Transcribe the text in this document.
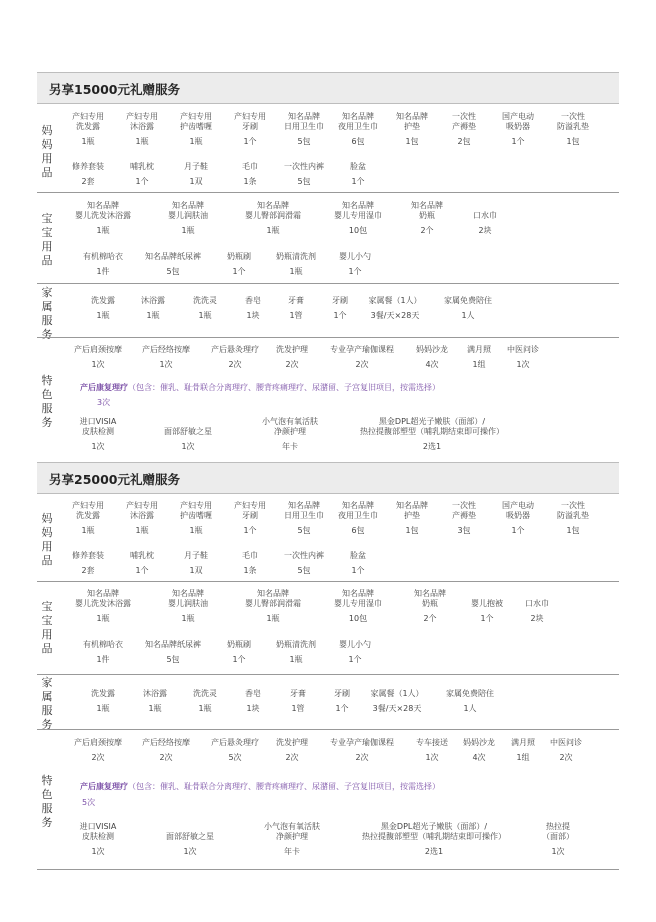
另享15000元礼赠服务
妈
妈
用
品
宝
宝
用
品
家
属
服
务
特
色
服
务
产后康复理疗（包含：催乳、耻骨联合分离理疗、腰背疼痛理疗、尿潴留、子宫复旧项目，按需选择）
3次
另享25000元礼赠服务
妈
妈
用
品
宝
宝
用
品
家
属
服
务
特
色
服
务
产后康复理疗（包含：催乳、耻骨联合分离理疗、腰背疼痛理疗、尿潴留、子宫复旧项目，按需选择）
5次
产妇专用
洗发露
1瓶
产妇专用
沐浴露
1瓶
产妇专用
护齿嗜喱
1瓶
产妇专用
牙刷
1个
知名品牌
日用卫生巾
5包
知名品牌
夜用卫生巾
6包
知名品牌
护垫
1包
一次性
产褥垫
2包
国产电动
吸奶器
1个
一次性
防溢乳垫
1包
修养套装
2套
哺乳枕
1个
月子鞋
1双
毛巾
1条
一次性内裤
5包
脸盆
1个
知名品牌
婴儿洗发沐浴露
1瓶
知名品牌
婴儿润肤油
1瓶
知名品牌
婴儿臀部润滑霜
1瓶
知名品牌
婴儿专用湿巾
10包
知名品牌
奶瓶
2个

口水巾
2块
有机棉哈衣
1件
知名品牌纸尿裤
5包
奶瓶刷
1个
奶瓶清洗剂
1瓶
婴儿小勺
1个
洗发露
1瓶
沐浴露
1瓶
洗洗灵
1瓶
香皂
1块
牙膏
1管
牙刷
1个
家属餐（1人）
3餐/天×28天
家属免费陪住
1人
产后肩颈按摩
1次
产后经络按摩
1次
产后悬灸理疗
2次
洗发护理
2次
专业孕产瑜伽课程
2次
妈妈沙龙
4次
满月照
1组
中医问诊
1次
进口VISIA
皮肤检测
1次

面部舒敏之星
1次
小气泡有氧活肤
净颜护理
年卡
黑金DPL超光子嫩肤（面部）/
热拉提馥部塑型（哺乳期结束即可操作）
2选1
产妇专用
洗发露
1瓶
产妇专用
沐浴露
1瓶
产妇专用
护齿嗜喱
1瓶
产妇专用
牙刷
1个
知名品牌
日用卫生巾
5包
知名品牌
夜用卫生巾
6包
知名品牌
护垫
1包
一次性
产褥垫
3包
国产电动
吸奶器
1个
一次性
防溢乳垫
1包
修养套装
2套
哺乳枕
1个
月子鞋
1双
毛巾
1条
一次性内裤
5包
脸盆
1个
知名品牌
婴儿洗发沐浴露
1瓶
知名品牌
婴儿润肤油
1瓶
知名品牌
婴儿臀部润滑霜
1瓶
知名品牌
婴儿专用湿巾
10包
知名品牌
奶瓶
2个

婴儿抱被
1个

口水巾
2块
有机棉哈衣
1件
知名品牌纸尿裤
5包
奶瓶刷
1个
奶瓶清洗剂
1瓶
婴儿小勺
1个
洗发露
1瓶
沐浴露
1瓶
洗洗灵
1瓶
香皂
1块
牙膏
1管
牙刷
1个
家属餐（1人）
3餐/天×28天
家属免费陪住
1人
产后肩颈按摩
2次
产后经络按摩
2次
产后悬灸理疗
5次
洗发护理
2次
专业孕产瑜伽课程
2次
专车接送
1次
妈妈沙龙
4次
满月照
1组
中医问诊
2次
进口VISIA
皮肤检测
1次

面部舒敏之星
1次
小气泡有氧活肤
净颜护理
年卡
黑金DPL超光子嫩肤（面部）/
热拉提馥部塑型（哺乳期结束即可操作）
2选1
热拉提
（面部）
1次
